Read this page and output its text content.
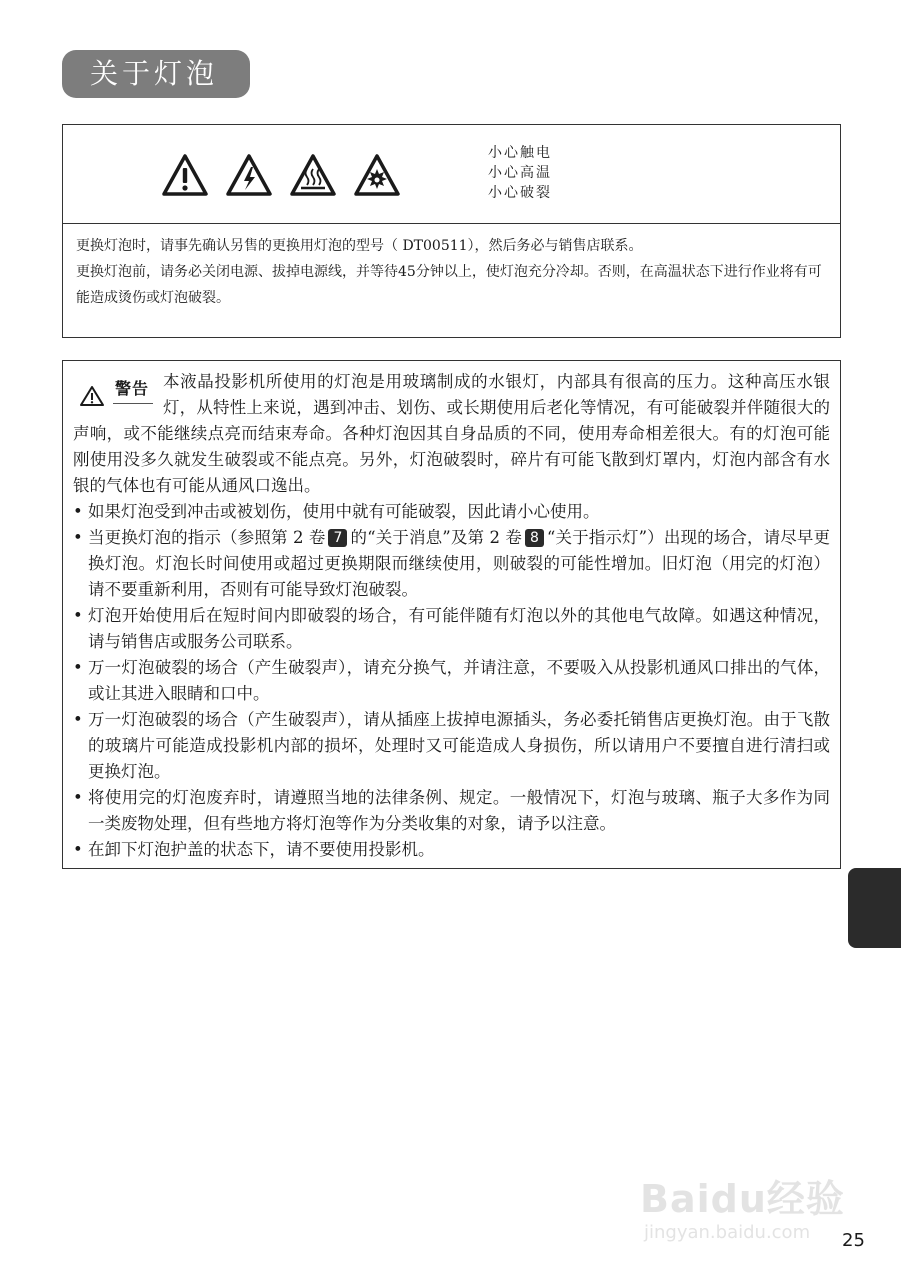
关于灯泡
小心触电
小心高温
小心破裂

更换灯泡时，请事先确认另售的更换用灯泡的型号（ DT00511），然后务必与销售店联系。

更换灯泡前，请务必关闭电源、拔掉电源线，并等待45分钟以上，使灯泡充分冷却。否则，在高温状态下进行作业将有可能造成烫伤或灯泡破裂。

警告 本液晶投影机所使用的灯泡是用玻璃制成的水银灯，内部具有很高的压力。这种高压水银灯，从特性上来说，遇到冲击、划伤、或长期使用后老化等情况，有可能破裂并伴随很大的声响，或不能继续点亮而结束寿命。各种灯泡因其自身品质的不同，使用寿命相差很大。有的灯泡可能刚使用没多久就发生破裂或不能点亮。另外，灯泡破裂时，碎片有可能飞散到灯罩内，灯泡内部含有水银的气体也有可能从通风口逸出。

• 如果灯泡受到冲击或被划伤，使用中就有可能破裂，因此请小心使用。
• 当更换灯泡的指示（参照第 2 卷 7 的“关于消息”及第 2 卷 8 “关于指示灯”）出现的场合，请尽早更换灯泡。灯泡长时间使用或超过更换期限而继续使用，则破裂的可能性增加。旧灯泡（用完的灯泡）请不要重新利用，否则有可能导致灯泡破裂。
• 灯泡开始使用后在短时间内即破裂的场合，有可能伴随有灯泡以外的其他电气故障。如遇这种情况，请与销售店或服务公司联系。
• 万一灯泡破裂的场合（产生破裂声），请充分换气，并请注意，不要吸入从投影机通风口排出的气体，或让其进入眼睛和口中。
• 万一灯泡破裂的场合（产生破裂声），请从插座上拔掉电源插头，务必委托销售店更换灯泡。由于飞散的玻璃片可能造成投影机内部的损坏，处理时又可能造成人身损伤，所以请用户不要擅自进行清扫或更换灯泡。
• 将使用完的灯泡废弃时，请遵照当地的法律条例、规定。一般情况下，灯泡与玻璃、瓶子大多作为同一类废物处理，但有些地方将灯泡等作为分类收集的对象，请予以注意。
• 在卸下灯泡护盖的状态下，请不要使用投影机。
Baidu经验
jingyan.baidu.com 25
